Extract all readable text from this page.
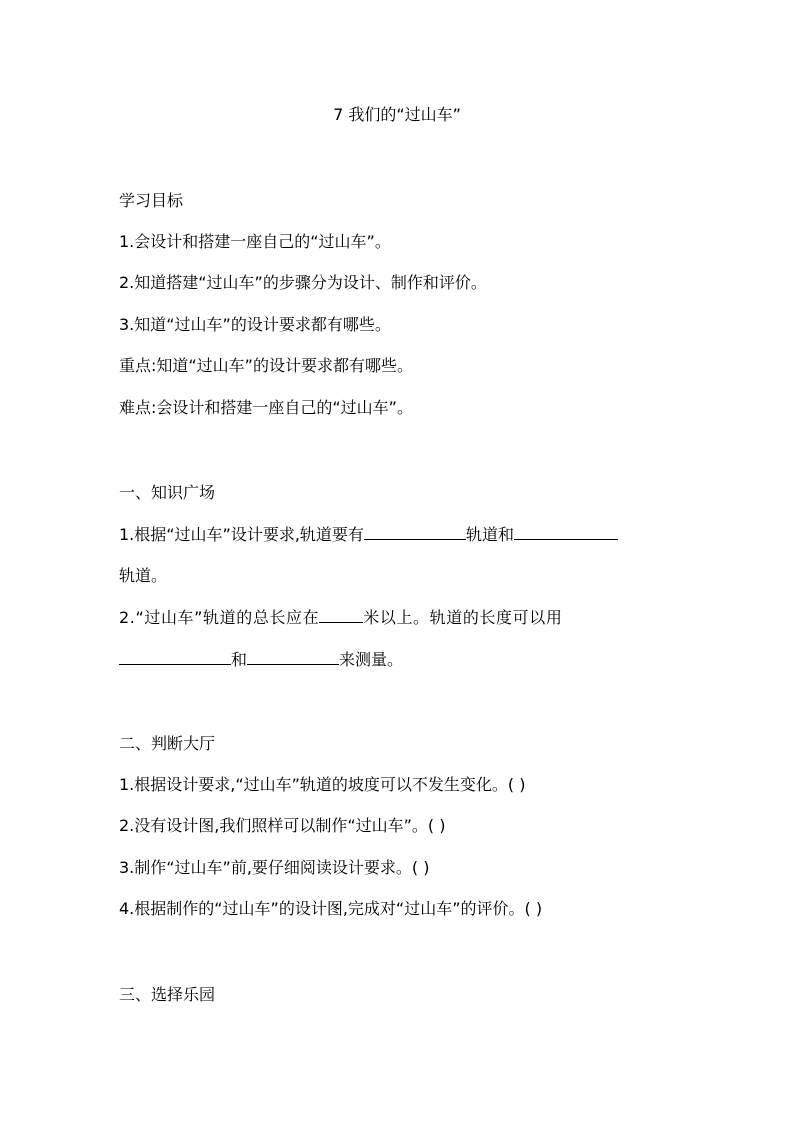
7 我们的“过山车”
学习目标
1.会设计和搭建一座自己的“过山车”。
2.知道搭建“过山车”的步骤分为设计、制作和评价。
3.知道“过山车”的设计要求都有哪些。
重点:知道“过山车”的设计要求都有哪些。
难点:会设计和搭建一座自己的“过山车”。
一、知识广场
1.根据“过山车”设计要求,轨道要有	轨道和
轨道。
2.“过山车”轨道的总长应在	米以上。轨道的长度可以用
和	来测量。
二、判断大厅
1.根据设计要求,“过山车”轨道的坡度可以不发生变化。( )
2.没有设计图,我们照样可以制作“过山车”。( )
3.制作“过山车”前,要仔细阅读设计要求。( )
4.根据制作的“过山车”的设计图,完成对“过山车”的评价。( )
三、选择乐园
